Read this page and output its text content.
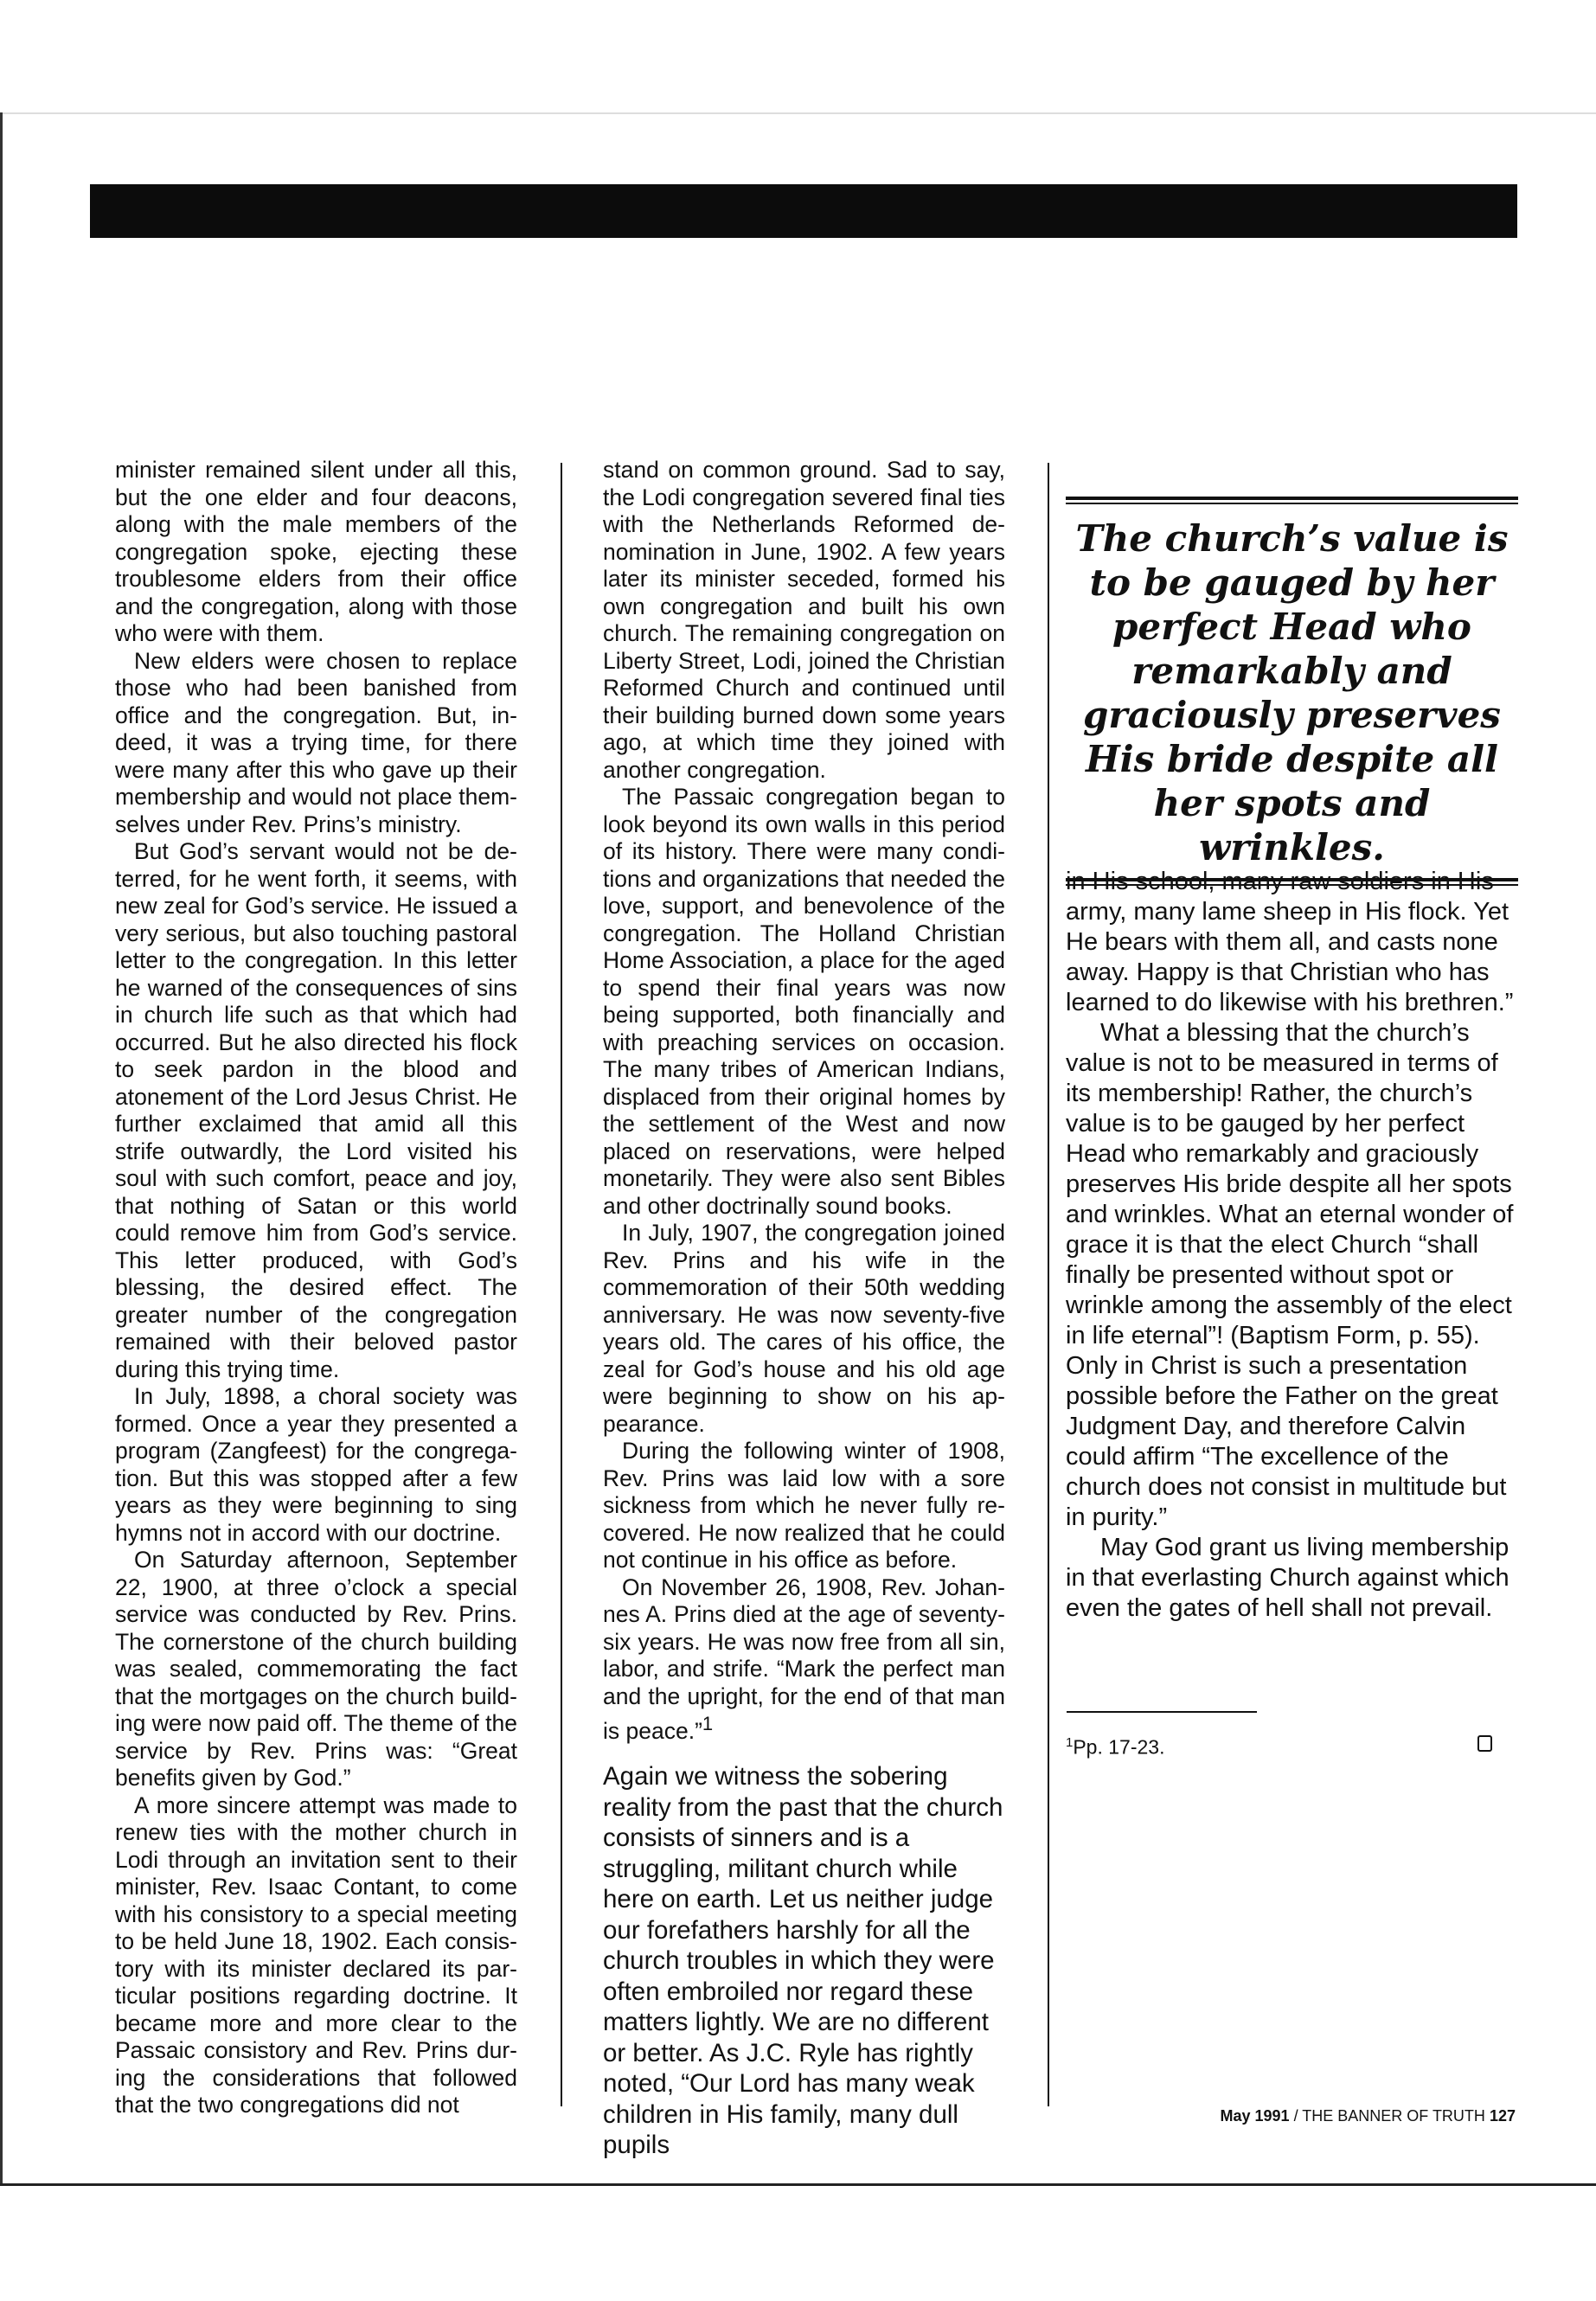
minister remained silent under all this, but the one elder and four deacons, along with the male members of the congregation spoke, ejecting these troublesome elders from their office and the congregation, along with those who were with them.

New elders were chosen to replace those who had been banished from office and the congregation. But, indeed, it was a trying time, for there were many after this who gave up their membership and would not place themselves under Rev. Prins’s ministry.

But God’s servant would not be deterred, for he went forth, it seems, with new zeal for God’s service. He issued a very serious, but also touching pastoral letter to the congregation. In this letter he warned of the consequences of sins in church life such as that which had occurred. But he also directed his flock to seek pardon in the blood and atonement of the Lord Jesus Christ. He further exclaimed that amid all this strife outwardly, the Lord visited his soul with such comfort, peace and joy, that nothing of Satan or this world could remove him from God’s service. This letter produced, with God’s blessing, the desired effect. The greater number of the congregation remained with their beloved pastor during this trying time.

In July, 1898, a choral society was formed. Once a year they presented a program (Zangfeest) for the congregation. But this was stopped after a few years as they were beginning to sing hymns not in accord with our doctrine.

On Saturday afternoon, September 22, 1900, at three o’clock a special service was conducted by Rev. Prins. The cornerstone of the church building was sealed, commemorating the fact that the mortgages on the church building were now paid off. The theme of the service by Rev. Prins was: “Great benefits given by God.”

A more sincere attempt was made to renew ties with the mother church in Lodi through an invitation sent to their minister, Rev. Isaac Contant, to come with his consistory to a special meeting to be held June 18, 1902. Each consistory with its minister declared its particular positions regarding doctrine. It became more and more clear to the Passaic consistory and Rev. Prins during the considerations that followed that the two congregations did not

stand on common ground. Sad to say, the Lodi congregation severed final ties with the Netherlands Reformed denomination in June, 1902. A few years later its minister seceded, formed his own congregation and built his own church. The remaining congregation on Liberty Street, Lodi, joined the Christian Reformed Church and continued until their building burned down some years ago, at which time they joined with another congregation.

The Passaic congregation began to look beyond its own walls in this period of its history. There were many conditions and organizations that needed the love, support, and benevolence of the congregation. The Holland Christian Home Association, a place for the aged to spend their final years was now being supported, both financially and with preaching services on occasion. The many tribes of American Indians, displaced from their original homes by the settlement of the West and now placed on reservations, were helped monetarily. They were also sent Bibles and other doctrinally sound books.

In July, 1907, the congregation joined Rev. Prins and his wife in the commemoration of their 50th wedding anniversary. He was now seventy-five years old. The cares of his office, the zeal for God’s house and his old age were beginning to show on his appearance.

During the following winter of 1908, Rev. Prins was laid low with a sore sickness from which he never fully recovered. He now realized that he could not continue in his office as before.

On November 26, 1908, Rev. Johannes A. Prins died at the age of seventy-six years. He was now free from all sin, labor, and strife. “Mark the perfect man and the upright, for the end of that man is peace.”$^1$

Again we witness the sobering reality from the past that the church consists of sinners and is a struggling, militant church while here on earth. Let us neither judge our forefathers harshly for all the church troubles in which they were often embroiled nor regard these matters lightly. We are no different or better. As J.C. Ryle has rightly noted, “Our Lord has many weak children in His family, many dull pupils

The church’s value is to be gauged by her perfect Head who remarkably and graciously preserves His bride despite all her spots and wrinkles.

in His school, many raw soldiers in His army, many lame sheep in His flock. Yet He bears with them all, and casts none away. Happy is that Christian who has learned to do likewise with his brethren.”

What a blessing that the church’s value is not to be measured in terms of its membership! Rather, the church’s value is to be gauged by her perfect Head who remarkably and graciously preserves His bride despite all her spots and wrinkles. What an eternal wonder of grace it is that the elect Church “shall finally be presented without spot or wrinkle among the assembly of the elect in life eternal”! (Baptism Form, p. 55). Only in Christ is such a presentation possible before the Father on the great Judgment Day, and therefore Calvin could affirm “The excellence of the church does not consist in multitude but in purity.”

May God grant us living membership in that everlasting Church against which even the gates of hell shall not prevail.

$^1$Pp. 17-23.
May 1991 / THE BANNER OF TRUTH 127
